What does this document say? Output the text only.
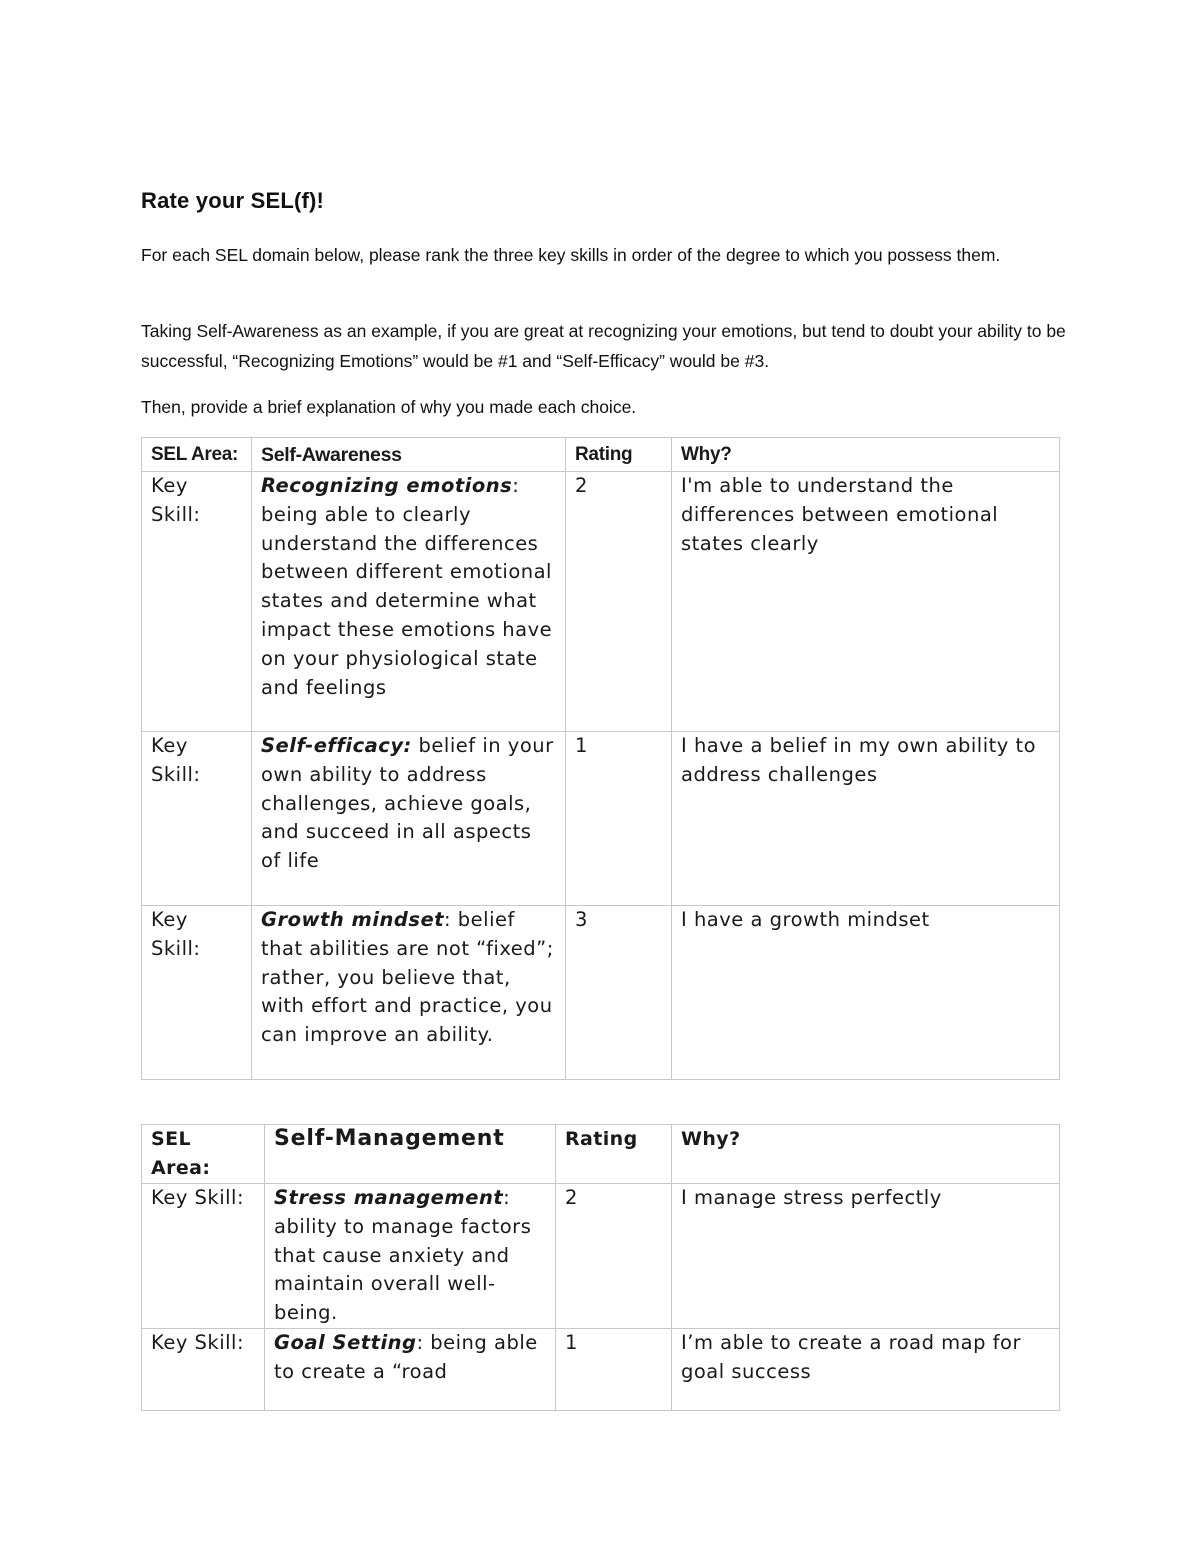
Rate your SEL(f)!

For each SEL domain below, please rank the three key skills in order of the degree to which you possess them.

Taking Self-Awareness as an example, if you are great at recognizing your emotions, but tend to doubt your ability to be successful, “Recognizing Emotions” would be #1 and “Self-Efficacy” would be #3.

Then, provide a brief explanation of why you made each choice.

SEL Area:	Self-Awareness	Rating	Why?
Key Skill:	Recognizing emotions: being able to clearly understand the differences between different emotional states and determine what impact these emotions have on your physiological state and feelings	2	I'm able to understand the differences between emotional states clearly
Key Skill:	Self-efficacy: belief in your own ability to address challenges, achieve goals, and succeed in all aspects of life	1	I have a belief in my own ability to address challenges
Key Skill:	Growth mindset: belief that abilities are not “fixed”; rather, you believe that, with effort and practice, you can improve an ability.	3	I have a growth mindset
SEL Area:	Self-Management	Rating	Why?
Key Skill:	Stress management: ability to manage factors that cause anxiety and maintain overall well-being.	2	I manage stress perfectly
Key Skill:	Goal Setting: being able to create a “road	1	I’m able to create a road map for goal success
